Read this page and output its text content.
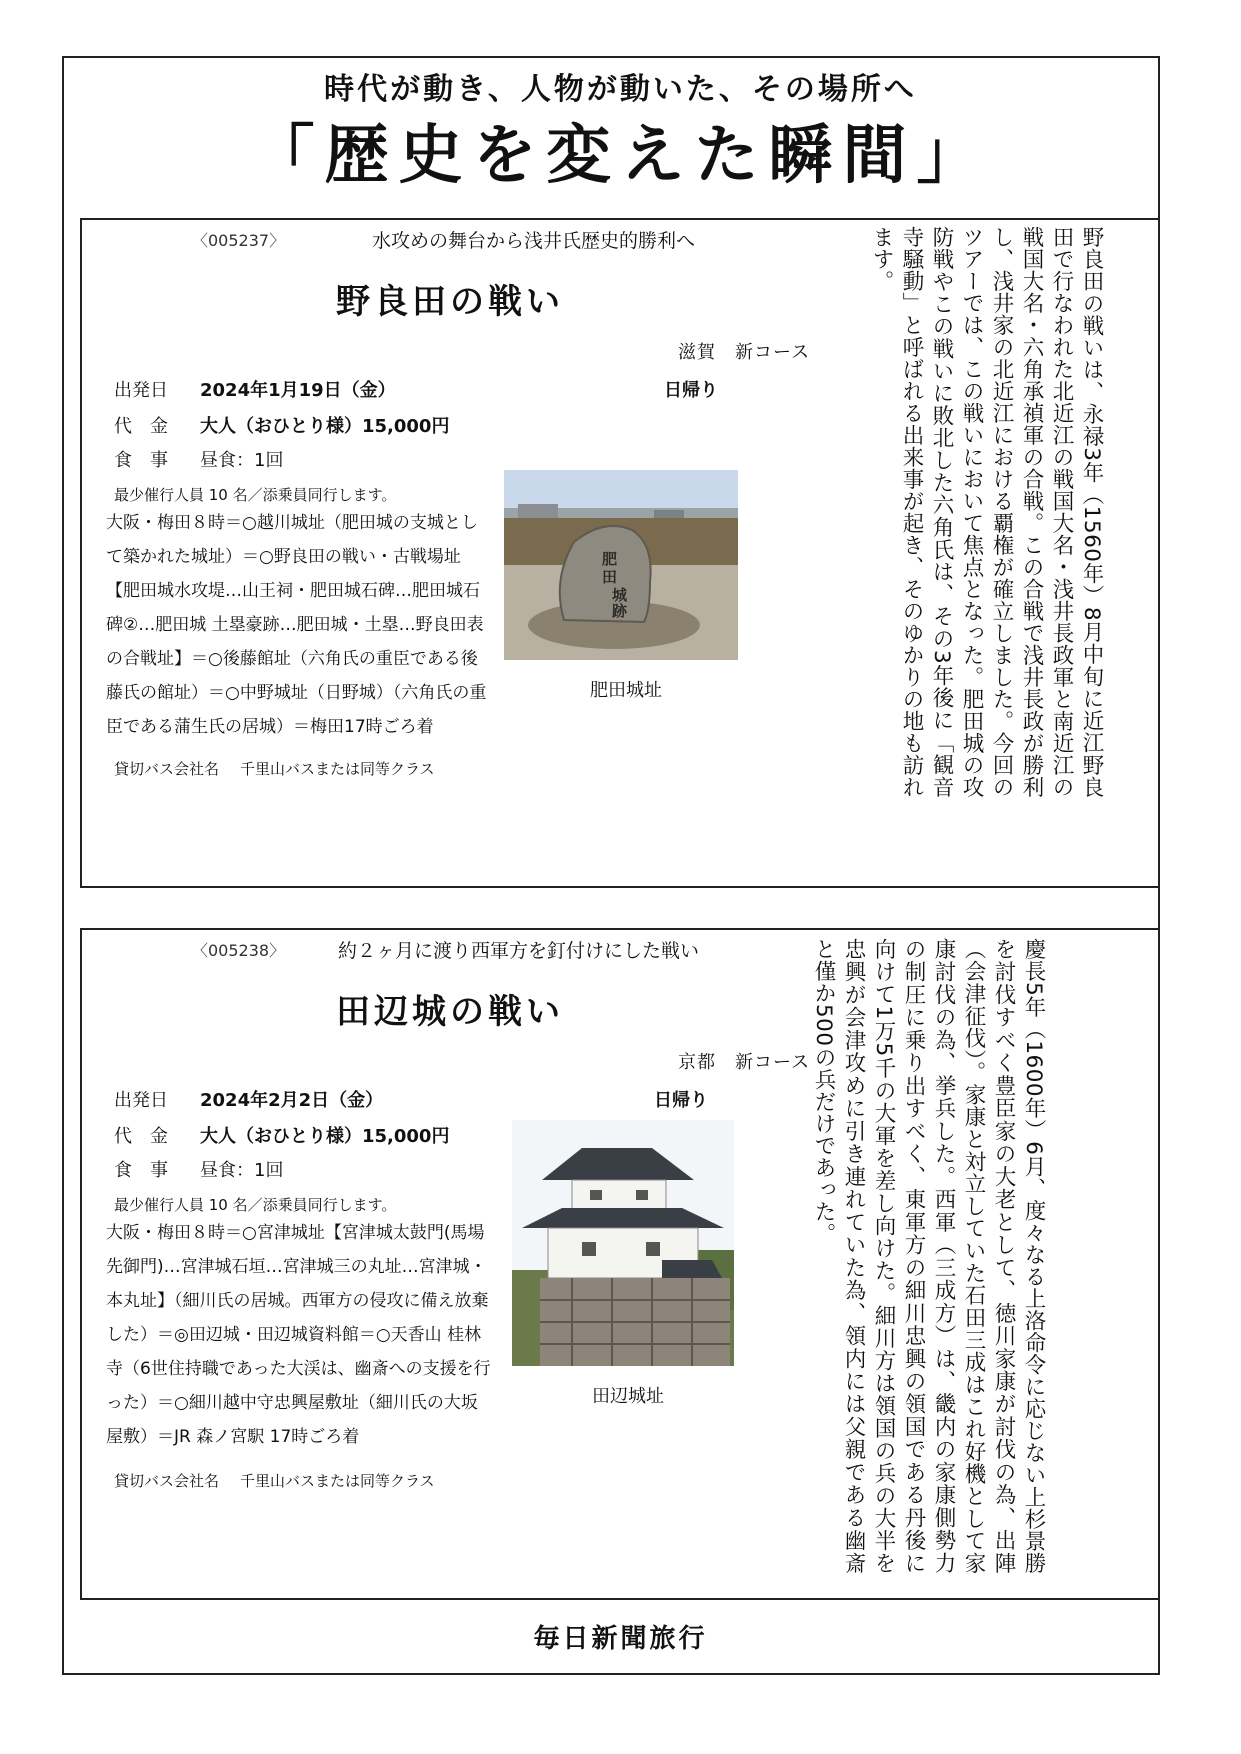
時代が動き、人物が動いた、その場所へ
「歴史を変えた瞬間」
〈005237〉	水攻めの舞台から浅井氏歴史的勝利へ
野良田の戦い
滋賀　新コース
出発日 2024年1月19日（金）	日帰り
代　金 大人（おひとり様）15,000円
食　事 昼食：1回
最少催行人員 10 名／添乗員同行します。
大阪・梅田８時＝○越川城址（肥田城の支城として築かれた城址）＝○野良田の戦い・古戦場址【肥田城水攻堤…山王祠・肥田城石碑…肥田城石碑②…肥田城 土塁豪跡…肥田城・土塁…野良田表の合戦址】＝○後藤館址（六角氏の重臣である後藤氏の館址）＝○中野城址（日野城）（六角氏の重臣である蒲生氏の居城）＝梅田17時ごろ着
貸切バス会社名 千里山バスまたは同等クラス
肥田城跡
肥田城址	野良田の戦いは、永禄3年（1560年）8月中旬に近江野良田で行なわれた北近江の戦国大名・浅井長政軍と南近江の戦国大名・六角承禎軍の合戦。この合戦で浅井長政が勝利し、浅井家の北近江における覇権が確立しました。今回のツアーでは、この戦いにおいて焦点となった。肥田城の攻防戦やこの戦いに敗北した六角氏は、その3年後に「観音寺騒動」と呼ばれる出来事が起き、そのゆかりの地も訪れます。
〈005238〉	約２ヶ月に渡り西軍方を釘付けにした戦い
田辺城の戦い
京都　新コース
出発日 2024年2月2日（金）	日帰り
代　金 大人（おひとり様）15,000円
食　事 昼食：1回
最少催行人員 10 名／添乗員同行します。
大阪・梅田８時＝○宮津城址【宮津城太鼓門(馬場先御門)…宮津城石垣…宮津城三の丸址…宮津城・本丸址】（細川氏の居城。西軍方の侵攻に備え放棄した）＝◎田辺城・田辺城資料館＝○天香山 桂林寺（6世住持職であった大渓は、幽斎への支援を行った）＝○細川越中守忠興屋敷址（細川氏の大坂屋敷）＝JR 森ノ宮駅 17時ごろ着
貸切バス会社名 千里山バスまたは同等クラス
田辺城址	慶長5年（1600年）6月、度々なる上洛命令に応じない上杉景勝を討伐すべく豊臣家の大老として、徳川家康が討伐の為、出陣（会津征伐）。家康と対立していた石田三成はこれ好機として家康討伐の為、挙兵した。西軍（三成方）は、畿内の家康側勢力の制圧に乗り出すべく、東軍方の細川忠興の領国である丹後に向けて1万5千の大軍を差し向けた。細川方は領国の兵の大半を忠興が会津攻めに引き連れていた為、領内には父親である幽斎と僅か500の兵だけであった。
毎日新聞旅行
